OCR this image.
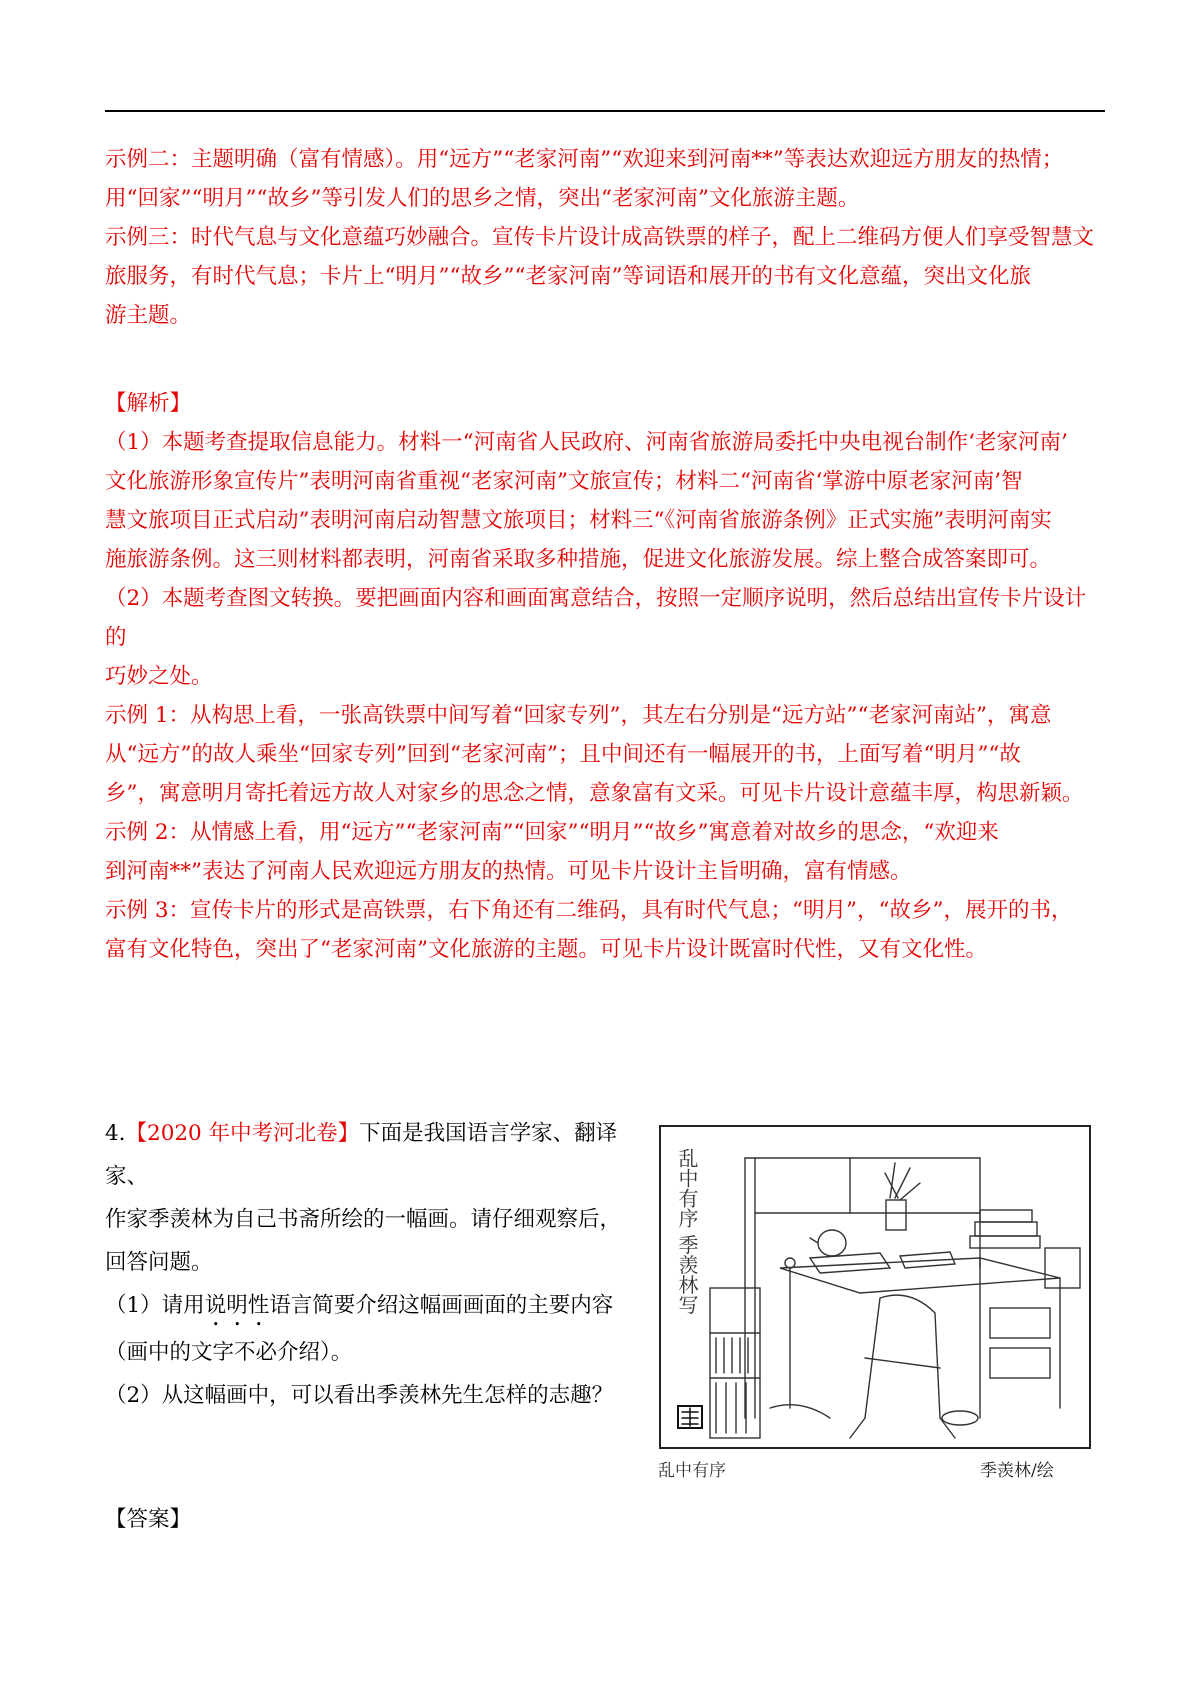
示例二：主题明确（富有情感）。用“远方”“老家河南”“欢迎来到河南**”等表达欢迎远方朋友的热情；

用“回家”“明月”“故乡”等引发人们的思乡之情，突出“老家河南”文化旅游主题。

示例三：时代气息与文化意蕴巧妙融合。宣传卡片设计成高铁票的样子，配上二维码方便人们享受智慧文

旅服务，有时代气息；卡片上“明月”“故乡”“老家河南”等词语和展开的书有文化意蕴，突出文化旅

游主题。

【解析】

（1）本题考查提取信息能力。材料一“河南省人民政府、河南省旅游局委托中央电视台制作‘老家河南’

文化旅游形象宣传片”表明河南省重视“老家河南”文旅宣传；材料二“河南省‘掌游中原老家河南’智

慧文旅项目正式启动”表明河南启动智慧文旅项目；材料三“《河南省旅游条例》正式实施”表明河南实

施旅游条例。这三则材料都表明，河南省采取多种措施，促进文化旅游发展。综上整合成答案即可。

（2）本题考查图文转换。要把画面内容和画面寓意结合，按照一定顺序说明，然后总结出宣传卡片设计的

巧妙之处。

示例 1：从构思上看，一张高铁票中间写着“回家专列”，其左右分别是“远方站”“老家河南站”，寓意

从“远方”的故人乘坐“回家专列”回到“老家河南”；且中间还有一幅展开的书，上面写着“明月”“故

乡”，寓意明月寄托着远方故人对家乡的思念之情，意象富有文采。可见卡片设计意蕴丰厚，构思新颖。

示例 2：从情感上看，用“远方”“老家河南”“回家”“明月”“故乡”寓意着对故乡的思念，“欢迎来

到河南**”表达了河南人民欢迎远方朋友的热情。可见卡片设计主旨明确，富有情感。

示例 3：宣传卡片的形式是高铁票，右下角还有二维码，具有时代气息；“明月”，“故乡”，展开的书，

富有文化特色，突出了“老家河南”文化旅游的主题。可见卡片设计既富时代性，又有文化性。

4.【2020 年中考河北卷】下面是我国语言学家、翻译家、

作家季羡林为自己书斋所绘的一幅画。请仔细观察后，

回答问题。

（1）请用说明性语言简要介绍这幅画画面的主要内容

（画中的文字不必介绍）。

（2）从这幅画中，可以看出季羡林先生怎样的志趣？

乱中有序 季羡林写
乱中有序	季羡林/绘
【答案】
